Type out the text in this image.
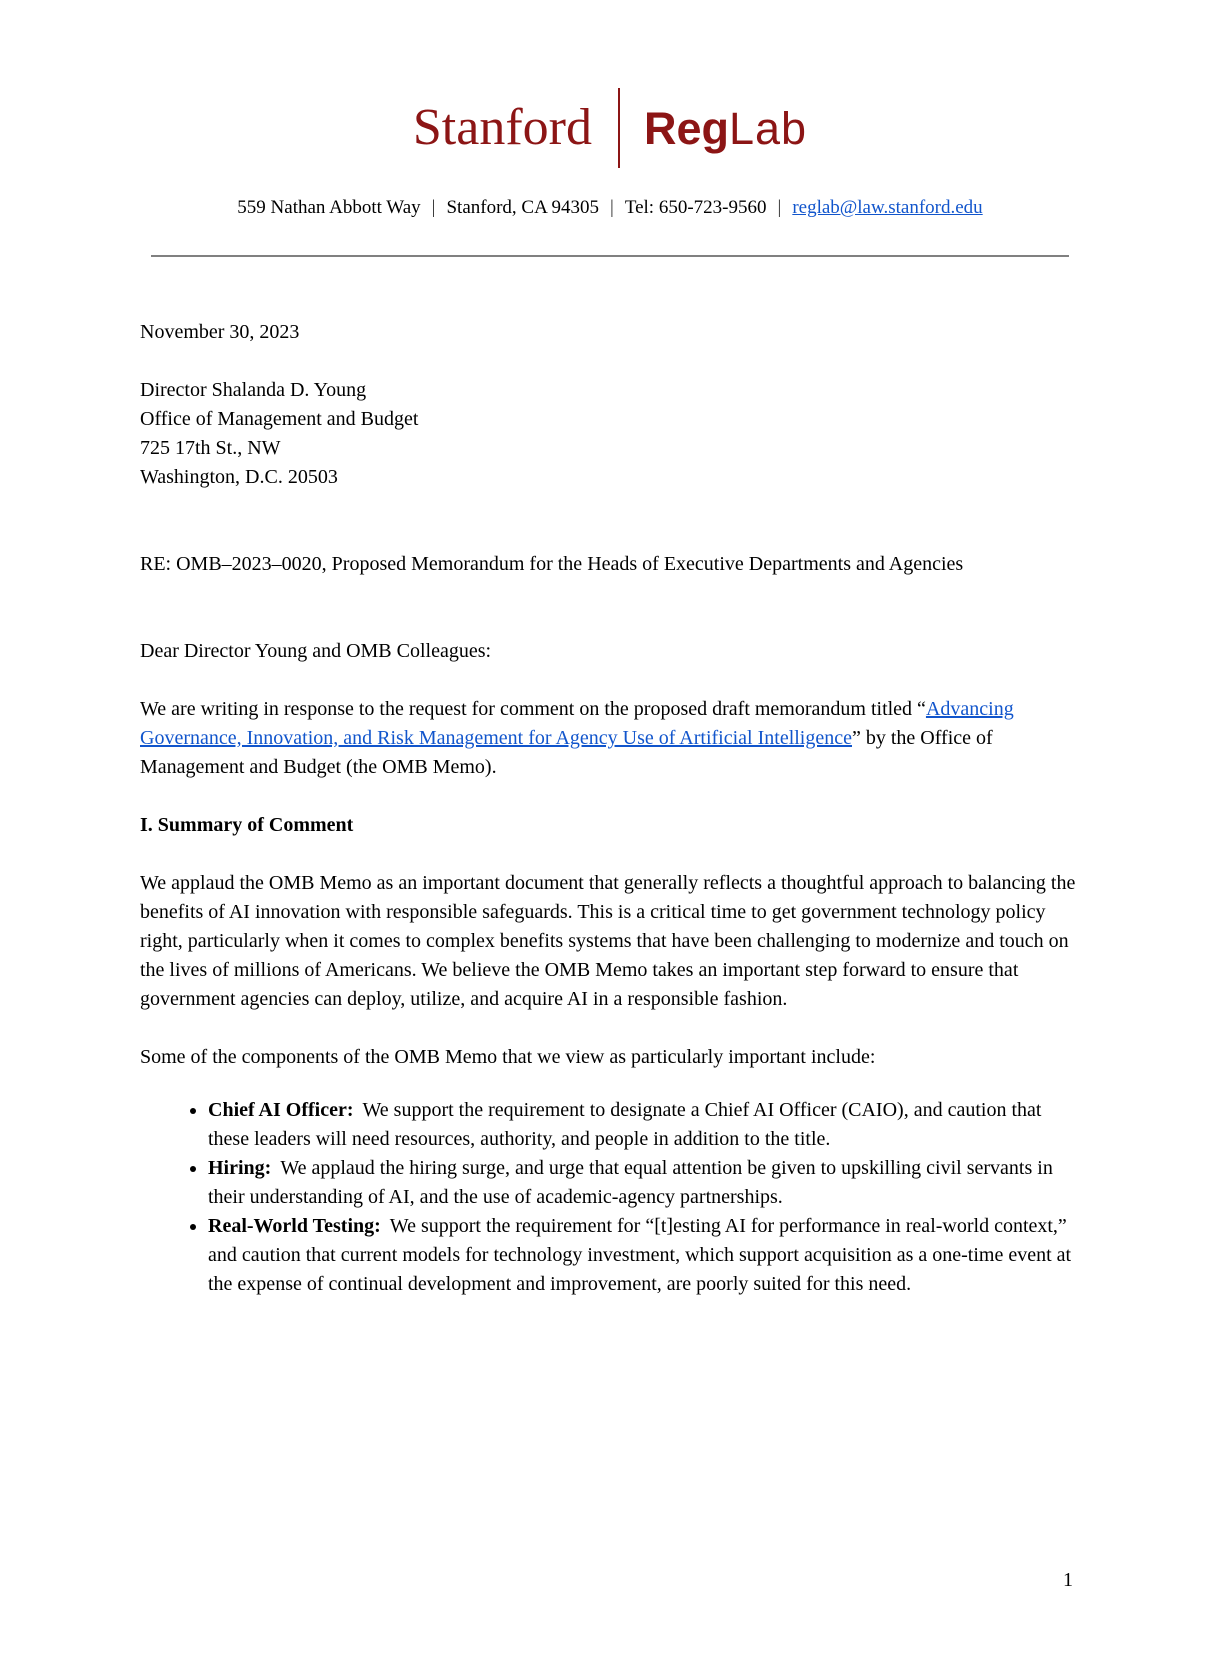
Stanford Reg Lab
559 Nathan Abbott Way | Stanford, CA 94305 | Tel: 650-723-9560 | reglab@law.stanford.edu

November 30, 2023

Director Shalanda D. Young
Office of Management and Budget
725 17th St., NW
Washington, D.C. 20503

RE: OMB–2023–0020, Proposed Memorandum for the Heads of Executive Departments and Agencies

Dear Director Young and OMB Colleagues:

We are writing in response to the request for comment on the proposed draft memorandum titled “Advancing Governance, Innovation, and Risk Management for Agency Use of Artificial Intelligence” by the Office of Management and Budget (the OMB Memo).

I. Summary of Comment

We applaud the OMB Memo as an important document that generally reflects a thoughtful approach to balancing the benefits of AI innovation with responsible safeguards. This is a critical time to get government technology policy right, particularly when it comes to complex benefits systems that have been challenging to modernize and touch on the lives of millions of Americans. We believe the OMB Memo takes an important step forward to ensure that government agencies can deploy, utilize, and acquire AI in a responsible fashion.

Some of the components of the OMB Memo that we view as particularly important include:

• Chief AI Officer: We support the requirement to designate a Chief AI Officer (CAIO), and caution that these leaders will need resources, authority, and people in addition to the title.
• Hiring: We applaud the hiring surge, and urge that equal attention be given to upskilling civil servants in their understanding of AI, and the use of academic-agency partnerships.
• Real-World Testing: We support the requirement for “[t]esting AI for performance in real-world context,” and caution that current models for technology investment, which support acquisition as a one-time event at the expense of continual development and improvement, are poorly suited for this need.
1
